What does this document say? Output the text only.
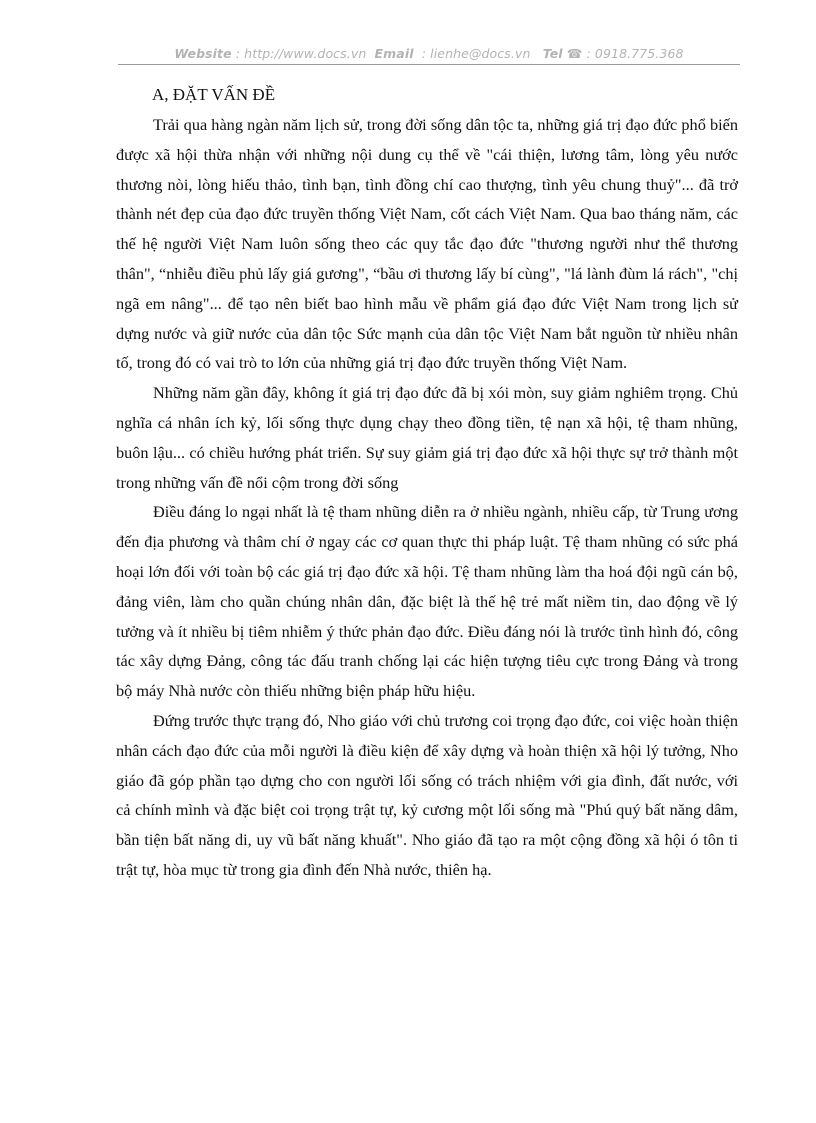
Website : http://www.docs.vn Email : lienhe@docs.vn Tel ☎ : 0918.775.368
A, ĐẶT VẤN ĐỀ

Trải qua hàng ngàn năm lịch sử, trong đời sống dân tộc ta, những giá trị đạo đức phổ biến được xã hội thừa nhận với những nội dung cụ thể về "cái thiện, lương tâm, lòng yêu nước thương nòi, lòng hiếu thảo, tình bạn, tình đồng chí cao thượng, tình yêu chung thuỷ"... đã trở thành nét đẹp của đạo đức truyền thống Việt Nam, cốt cách Việt Nam. Qua bao tháng năm, các thế hệ người Việt Nam luôn sống theo các quy tắc đạo đức "thương người như thể thương thân", “nhiễu điều phủ lấy giá gương", “bầu ơi thương lấy bí cùng", "lá lành đùm lá rách", "chị ngã em nâng"... để tạo nên biết bao hình mẫu về phẩm giá đạo đức Việt Nam trong lịch sử dựng nước và giữ nước của dân tộc Sức mạnh của dân tộc Việt Nam bắt nguồn từ nhiều nhân tố, trong đó có vai trò to lớn của những giá trị đạo đức truyền thống Việt Nam.

Những năm gần đây, không ít giá trị đạo đức đã bị xói mòn, suy giảm nghiêm trọng. Chủ nghĩa cá nhân ích kỷ, lối sống thực dụng chạy theo đồng tiền, tệ nạn xã hội, tệ tham nhũng, buôn lậu... có chiều hướng phát triển. Sự suy giảm giá trị đạo đức xã hội thực sự trở thành một trong những vấn đề nổi cộm trong đời sống

Điều đáng lo ngại nhất là tệ tham nhũng diễn ra ở nhiều ngành, nhiều cấp, từ Trung ương đến địa phương và thâm chí ở ngay các cơ quan thực thi pháp luật. Tệ tham nhũng có sức phá hoại lớn đối với toàn bộ các giá trị đạo đức xã hội. Tệ tham nhũng làm tha hoá đội ngũ cán bộ, đảng viên, làm cho quần chúng nhân dân, đặc biệt là thế hệ trẻ mất niềm tin, dao động về lý tưởng và ít nhiều bị tiêm nhiễm ý thức phản đạo đức. Điều đáng nói là trước tình hình đó, công tác xây dựng Đảng, công tác đấu tranh chống lại các hiện tượng tiêu cực trong Đảng và trong bộ máy Nhà nước còn thiếu những biện pháp hữu hiệu.

Đứng trước thực trạng đó, Nho giáo với chủ trương coi trọng đạo đức, coi việc hoàn thiện nhân cách đạo đức của mỗi người là điều kiện để xây dựng và hoàn thiện xã hội lý tưởng, Nho giáo đã góp phần tạo dựng cho con người lối sống có trách nhiệm với gia đình, đất nước, với cả chính mình và đặc biệt coi trọng trật tự, kỷ cương một lối sống mà "Phú quý bất năng dâm, bần tiện bất năng di, uy vũ bất năng khuất". Nho giáo đã tạo ra một cộng đồng xã hội ó tôn ti trật tự, hòa mục từ trong gia đình đến Nhà nước, thiên hạ.
